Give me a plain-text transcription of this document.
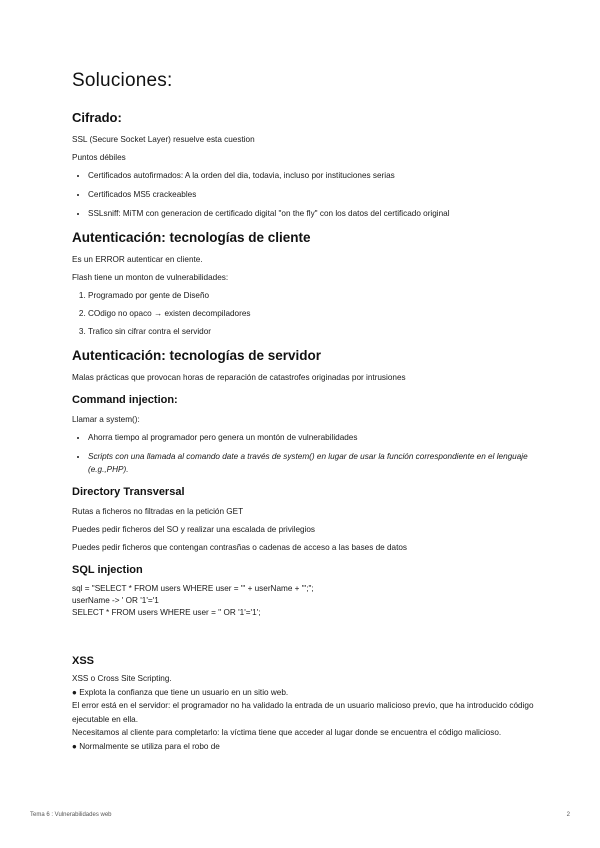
Soluciones:
Cifrado:

SSL (Secure Socket Layer) resuelve esta cuestion

Puntos débiles

• Certificados autofirmados: A la orden del dia, todavia, incluso por instituciones serias
• Certificados MS5 crackeables
• SSLsniff: MiTM con generacion de certificado digital "on the fly" con los datos del certificado original
Autenticación: tecnologías de cliente

Es un ERROR autenticar en cliente.

Flash tiene un monton de vulnerabilidades:

1. Programado por gente de Diseño
2. COdigo no opaco → existen decompiladores
3. Trafico sin cifrar contra el servidor
Autenticación: tecnologías de servidor

Malas prácticas que provocan horas de reparación de catastrofes originadas por intrusiones

Command injection:

Llamar a system():

• Ahorra tiempo al programador pero genera un montón de vulnerabilidades
• Scripts con una llamada al comando date a través de system() en lugar de usar la función correspondiente en el lenguaje (e.g.,PHP).
Directory Transversal

Rutas a ficheros no filtradas en la petición GET

Puedes pedir ficheros del SO y realizar una escalada de privilegios

Puedes pedir ficheros que contengan contrasñas o cadenas de acceso a las bases de datos

SQL injection

sql = "SELECT * FROM users WHERE user = "' + userName + "';";

userName -> ' OR '1'='1

SELECT * FROM users WHERE user = '' OR '1'='1';

XSS

XSS o Cross Site Scripting.

● Explota la confianza que tiene un usuario en un sitio web.

El error está en el servidor: el programador no ha validado la entrada de un usuario malicioso previo, que ha introducido código ejecutable en ella.

Necesitamos al cliente para completarlo: la víctima tiene que acceder al lugar donde se encuentra el código malicioso.

● Normalmente se utiliza para el robo de

Tema 6 : Vulnerabilidades web	2
